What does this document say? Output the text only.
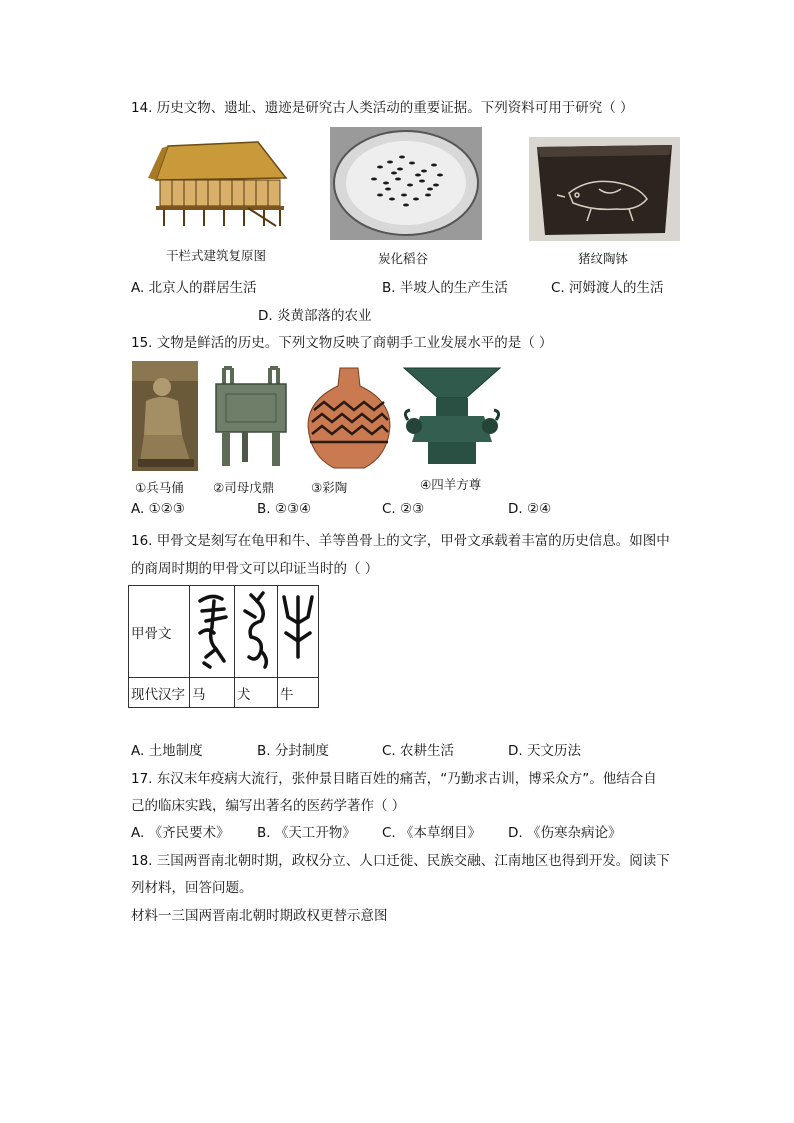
14. 历史文物、遗址、遗迹是研究古人类活动的重要证据。下列资料可用于研究（ ）
干栏式建筑复原图	炭化稻谷	猪纹陶钵
A. 北京人的群居生活	B. 半坡人的生产生活	C. 河姆渡人的生活
D. 炎黄部落的农业
15. 文物是鲜活的历史。下列文物反映了商朝手工业发展水平的是（ ）
①兵马俑 ②司母戊鼎	③彩陶	④四羊方尊
A. ①②③	B. ②③④	C. ②③	D. ②④
16. 甲骨文是刻写在龟甲和牛、羊等兽骨上的文字，甲骨文承载着丰富的历史信息。如图中
的商周时期的甲骨文可以印证当时的（ ）
甲骨文			
现代汉字	马	犬	牛
A. 土地制度	B. 分封制度	C. 农耕生活	D. 天文历法
17. 东汉末年疫病大流行，张仲景目睹百姓的痛苦，“乃勤求古训，博采众方”。他结合自
己的临床实践，编写出著名的医药学著作（ ）
A. 《齐民要术》 B. 《天工开物》 C. 《本草纲目》 D. 《伤寒杂病论》
18. 三国两晋南北朝时期，政权分立、人口迁徙、民族交融、江南地区也得到开发。阅读下
列材料，回答问题。
材料一三国两晋南北朝时期政权更替示意图
